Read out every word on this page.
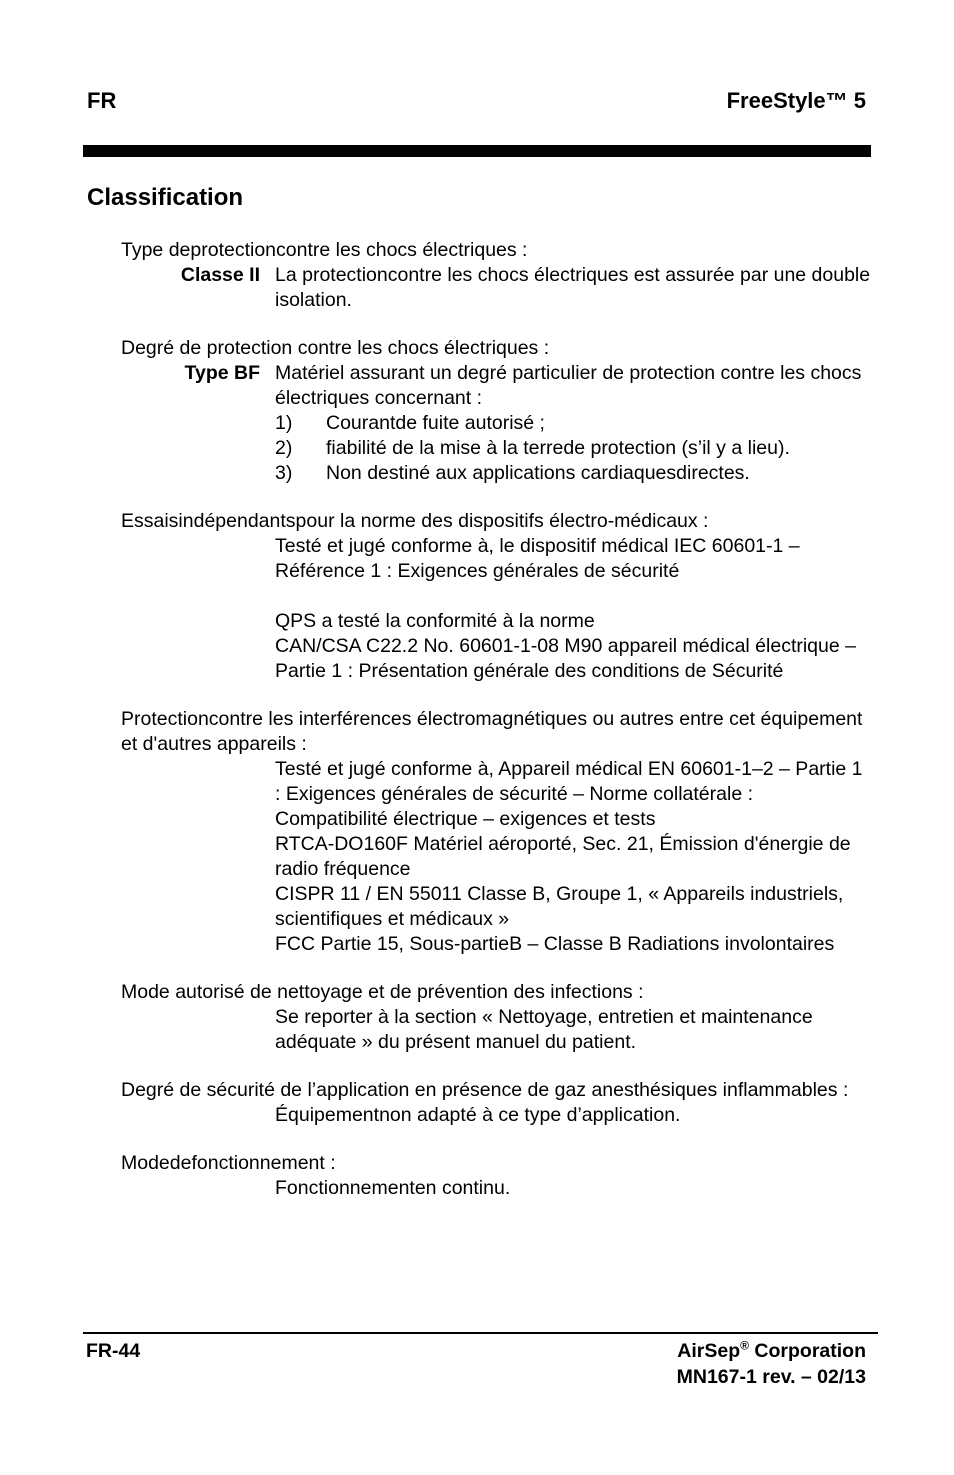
FR	FreeStyle™ 5
Classification

Type deprotectioncontre les chocs électriques :

Classe II La protectioncontre les chocs électriques est assurée par une double isolation.

Degré de protection contre les chocs électriques :

Type BF Matériel assurant un degré particulier de protection contre les chocs électriques concernant :
1)	Courantde fuite autorisé ;
2)	fiabilité de la mise à la terrede protection (s’il y a lieu).
3)	Non destiné aux applications cardiaquesdirectes.

Essaisindépendantspour la norme des dispositifs électro-médicaux :

Testé et jugé conforme à, le dispositif médical IEC 60601-1 – Référence 1 : Exigences générales de sécurité

QPS a testé la conformité à la norme

CAN/CSA C22.2 No. 60601-1-08 M90 appareil médical électrique – Partie 1 : Présentation générale des conditions de Sécurité

Protectioncontre les interférences électromagnétiques ou autres entre cet équipement et d'autres appareils :

Testé et jugé conforme à, Appareil médical EN 60601-1–2 – Partie 1 : Exigences générales de sécurité – Norme collatérale : Compatibilité électrique – exigences et tests

RTCA-DO160F Matériel aéroporté, Sec. 21, Émission d'énergie de radio fréquence

CISPR 11 / EN 55011 Classe B, Groupe 1, « Appareils industriels, scientifiques et médicaux »

FCC Partie 15, Sous-partieB – Classe B Radiations involontaires

Mode autorisé de nettoyage et de prévention des infections :

Se reporter à la section « Nettoyage, entretien et maintenance adéquate » du présent manuel du patient.

Degré de sécurité de l’application en présence de gaz anesthésiques inflammables :

Équipementnon adapté à ce type d’application.

Modedefonctionnement :

Fonctionnementen continu.

FR-44	AirSep® Corporation
MN167-1 rev. – 02/13
